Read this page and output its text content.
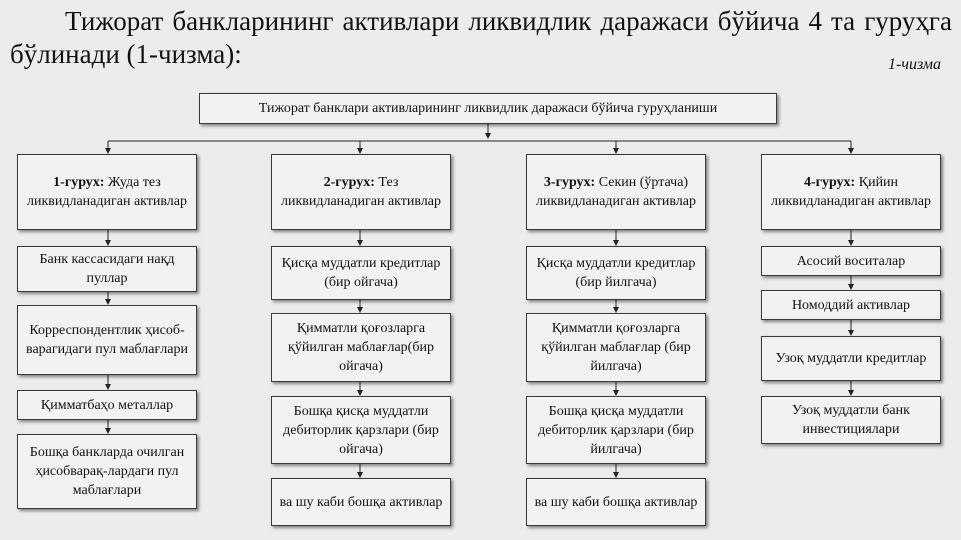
Тижорат банкларининг активлари ликвидлик даражаси бўйича 4 та гуруҳга бўлинади (1-чизма):	1-чизма

Тижорат банклари активларининг ликвидлик даражаси бўйича гуруҳланиши
1-гурух: Жуда тез ликвидланадиган активлар
2-гурух: Тез ликвидланадиган активлар
3-гурух: Секин (ўртача) ликвидланадиган активлар
4-гурух: Қийин ликвидланадиган активлар
Банк кассасидаги нақд пуллар
Корреспондентлик ҳисоб-варагидаги пул маблағлари
Қимматбаҳо металлар
Бошқа банкларда очилган ҳисобварақ-лардаги пул маблағлари
Қисқа муддатли кредитлар (бир ойгача)
Қимматли қоғозларга қўйилган маблағлар(бир ойгача)
Бошқа қисқа муддатли дебиторлик қарзлари (бир ойгача)
ва шу каби бошқа активлар
Қисқа муддатли кредитлар (бир йилгача)
Қимматли қоғозларга қўйилган маблағлар (бир йилгача)
Бошқа қисқа муддатли дебиторлик қарзлари (бир йилгача)
ва шу каби бошқа активлар
Асосий воситалар
Номоддий активлар
Узоқ муддатли кредитлар
Узоқ муддатли банк инвестициялари
